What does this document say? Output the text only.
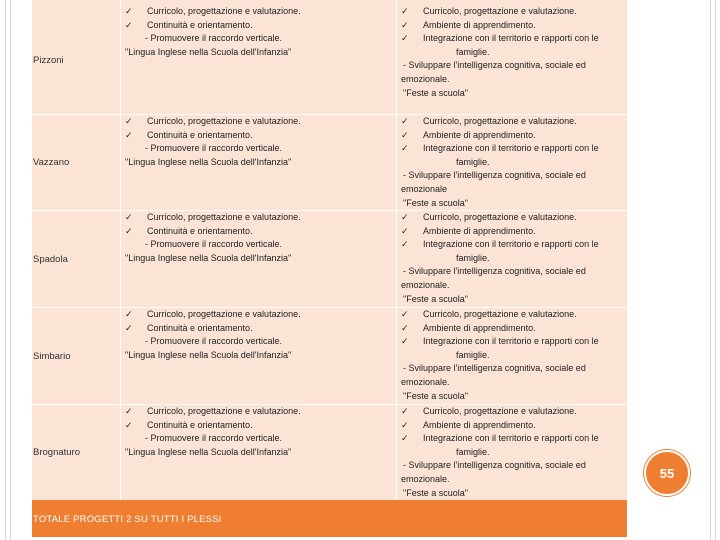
Pizzoni
✓ Curricolo, progettazione e valutazione.
✓ Continuità e orientamento.
- Promuovere il raccordo verticale.
"Lingua Inglese nella Scuola dell'Infanzia"
✓ Curricolo, progettazione e valutazione.
✓ Ambiente di apprendimento.
✓ Integrazione con il territorio e rapporti con le
famiglie.
- Sviluppare l'intelligenza cognitiva, sociale ed
emozionale.
"Feste a scuola"
Vazzano
✓ Curricolo, progettazione e valutazione.
✓ Continuità e orientamento.
- Promuovere il raccordo verticale.
"Lingua Inglese nella Scuola dell'Infanzia"
✓ Curricolo, progettazione e valutazione.
✓ Ambiente di apprendimento.
✓ Integrazione con il territorio e rapporti con le
famiglie.
- Sviluppare l'intelligenza cognitiva, sociale ed
emozionale
"Feste a scuola"
Spadola
✓ Curricolo, progettazione e valutazione.
✓ Continuità e orientamento.
- Promuovere il raccordo verticale.
"Lingua Inglese nella Scuola dell'Infanzia"
✓ Curricolo, progettazione e valutazione.
✓ Ambiente di apprendimento.
✓ Integrazione con il territorio e rapporti con le
famiglie.
- Sviluppare l'intelligenza cognitiva, sociale ed
emozionale.
"Feste a scuola"
Simbario
✓ Curricolo, progettazione e valutazione.
✓ Continuità e orientamento.
- Promuovere il raccordo verticale.
"Lingua Inglese nella Scuola dell'Infanzia"
✓ Curricolo, progettazione e valutazione.
✓ Ambiente di apprendimento.
✓ Integrazione con il territorio e rapporti con le
famiglie.
- Sviluppare l'intelligenza cognitiva, sociale ed
emozionale.
"Feste a scuola"
Brognaturo
✓ Curricolo, progettazione e valutazione.
✓ Continuità e orientamento.
- Promuovere il raccordo verticale.
"Lingua Inglese nella Scuola dell'Infanzia"
✓ Curricolo, progettazione e valutazione.
✓ Ambiente di apprendimento.
✓ Integrazione con il territorio e rapporti con le
famiglie.
- Sviluppare l'intelligenza cognitiva, sociale ed
emozionale.
"Feste a scuola"
TOTALE PROGETTI 2 SU TUTTI I PLESSI
55
